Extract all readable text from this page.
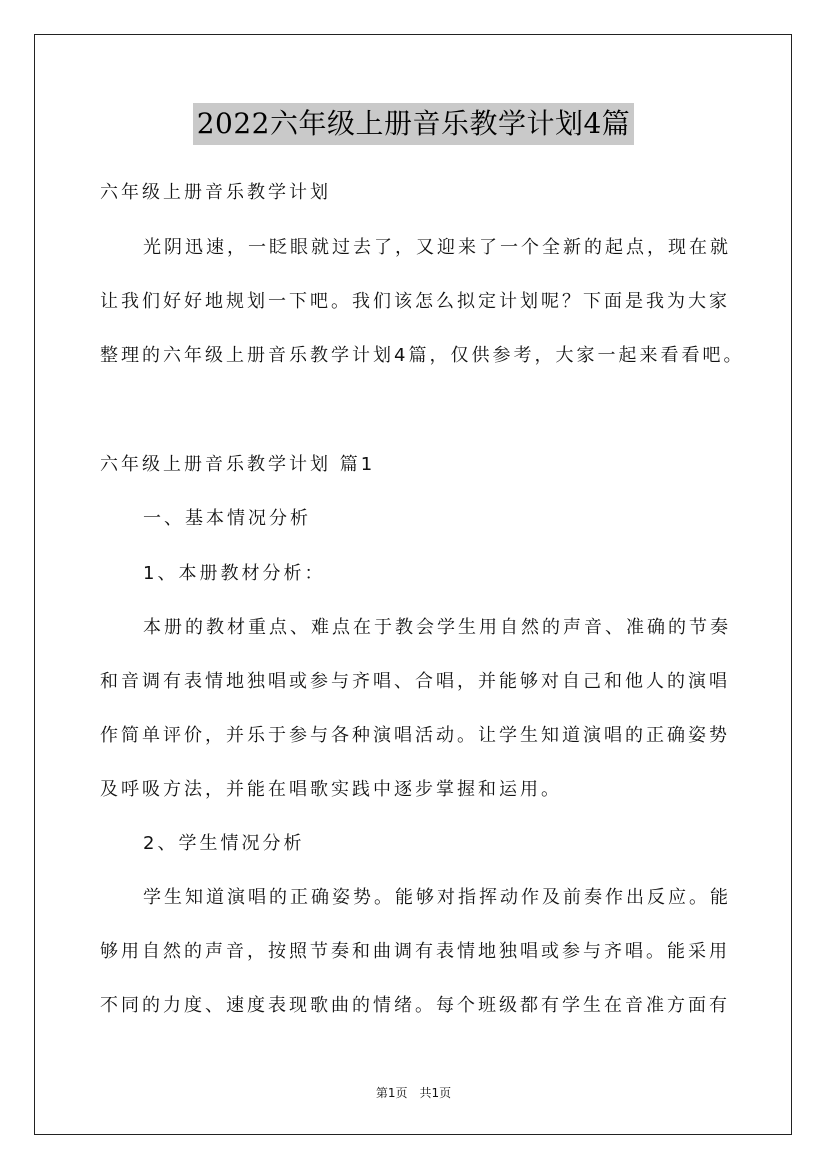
2022六年级上册音乐教学计划4篇
六年级上册音乐教学计划
光阴迅速，一眨眼就过去了，又迎来了一个全新的起点，现在就
让我们好好地规划一下吧。我们该怎么拟定计划呢？下面是我为大家
整理的六年级上册音乐教学计划4篇，仅供参考，大家一起来看看吧。
六年级上册音乐教学计划 篇1
一、基本情况分析
1、本册教材分析：
本册的教材重点、难点在于教会学生用自然的声音、准确的节奏
和音调有表情地独唱或参与齐唱、合唱，并能够对自己和他人的演唱
作简单评价，并乐于参与各种演唱活动。让学生知道演唱的正确姿势
及呼吸方法，并能在唱歌实践中逐步掌握和运用。
2、学生情况分析
学生知道演唱的正确姿势。能够对指挥动作及前奏作出反应。能
够用自然的声音，按照节奏和曲调有表情地独唱或参与齐唱。能采用
不同的力度、速度表现歌曲的情绪。每个班级都有学生在音准方面有
第1页　共1页
